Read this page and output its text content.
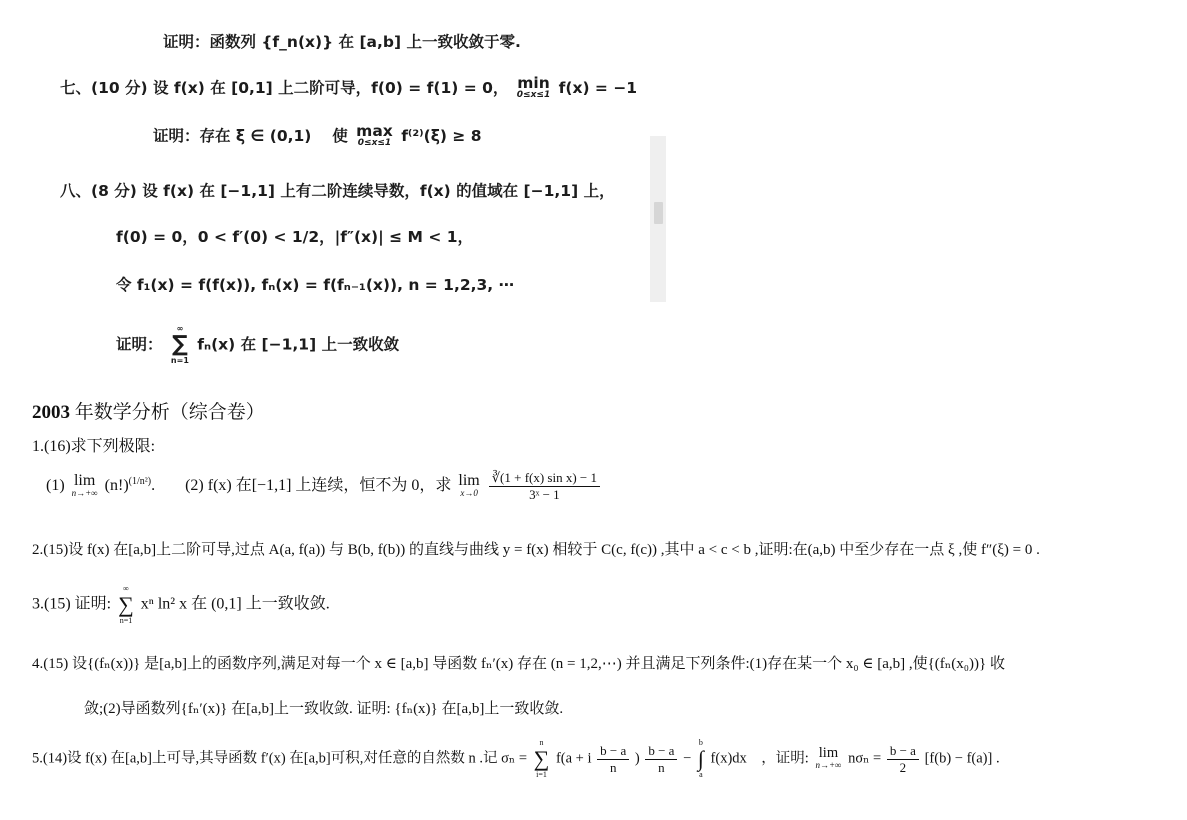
证明：函数列 {f_n(x)} 在 [a,b] 上一致收敛于零.
七、(10 分) 设 f(x) 在 [0,1] 上二阶可导，f(0) = f(1) = 0， min
0≤x≤1 f(x) = −1
证明：存在 ξ ∈ (0,1)　 使 max
0≤x≤1 f⁽²⁾(ξ) ≥ 8
八、(8 分) 设 f(x) 在 [−1,1] 上有二阶连续导数，f(x) 的值域在 [−1,1] 上，
f(0) = 0，0 < f′(0) < 1/2，|f″(x)| ≤ M < 1，
令 f₁(x) = f(f(x)), fₙ(x) = f(fₙ₋₁(x)), n = 1,2,3, ⋯
证明：
∞
∑
n=1
fₙ(x) 在 [−1,1] 上一致收敛
2003 年数学分析（综合卷）
1.(16)求下列极限:
(1) lim
n→+∞ $(n!)^{(1/n^2)}$. (2) f(x) 在[−1,1] 上连续，恒不为 0，求 lim
x→0
$\frac{\text{∛(1 + f(x) sin x) − 1}}{\text{3ˣ − 1}}$
2.(15)设 f(x) 在[a,b]上二阶可导,过点 A(a, f(a)) 与 B(b, f(b)) 的直线与曲线 y = f(x) 相较于 C(c, f(c)) ,其中 a < c < b ,证明:在(a,b) 中至少存在一点 ξ ,使 f″(ξ) = 0 .
3.(15) 证明:
∞
∑
n=1
xⁿ ln² x 在 (0,1] 上一致收敛.
4.(15) 设{(fₙ(x))} 是[a,b]上的函数序列,满足对每一个 x ∈ [a,b] 导函数 fₙ′(x) 存在 (n = 1,2,⋯) 并且满足下列条件:(1)存在某一个 x₀ ∈ [a,b] ,使{(fₙ(x₀))} 收
敛;(2)导函数列{fₙ′(x)} 在[a,b]上一致收敛. 证明: {fₙ(x)} 在[a,b]上一致收敛.
5.(14)设 f(x) 在[a,b]上可导,其导函数 f′(x) 在[a,b]可积,对任意的自然数 n .记 σₙ =
n
∑
i=1
f(a + i $\frac{b - a}{n}$ ) $\frac{b - a}{n}$ −
b
∫
a
f(x)dx　，证明: lim
n→+∞ $n\sigma_n = \frac{b - a}{2} [f(b) - f(a)]$ .
